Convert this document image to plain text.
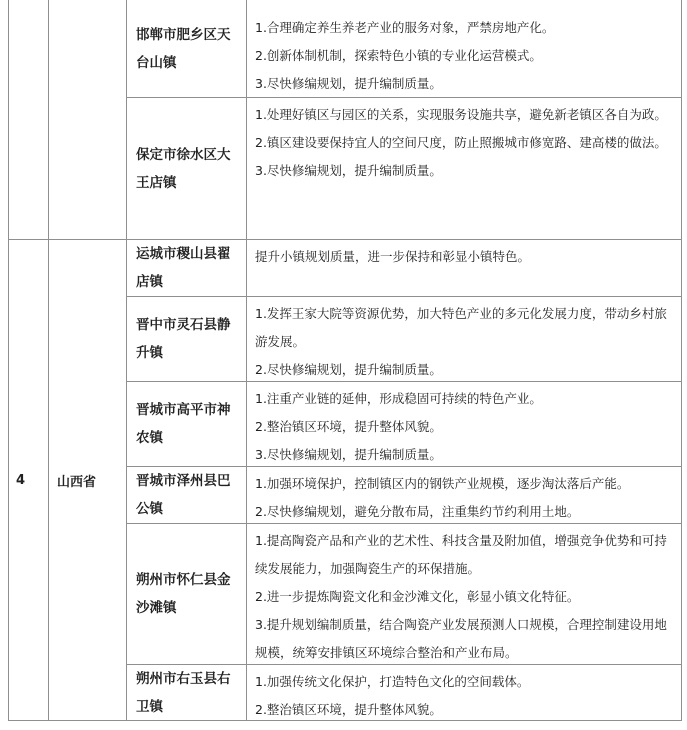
4	山西省
邯郸市肥乡区天台山镇

1.合理确定养生养老产业的服务对象，严禁房地产化。

2.创新体制机制，探索特色小镇的专业化运营模式。

3.尽快修编规划，提升编制质量。

保定市徐水区大王店镇

1.处理好镇区与园区的关系，实现服务设施共享，避免新老镇区各自为政。

2.镇区建设要保持宜人的空间尺度，防止照搬城市修宽路、建高楼的做法。

3.尽快修编规划，提升编制质量。

运城市稷山县翟店镇

提升小镇规划质量，进一步保持和彰显小镇特色。

晋中市灵石县静升镇

1.发挥王家大院等资源优势，加大特色产业的多元化发展力度，带动乡村旅游发展。

2.尽快修编规划，提升编制质量。

晋城市高平市神农镇

1.注重产业链的延伸，形成稳固可持续的特色产业。

2.整治镇区环境，提升整体风貌。

3.尽快修编规划，提升编制质量。

晋城市泽州县巴公镇

1.加强环境保护，控制镇区内的钢铁产业规模，逐步淘汰落后产能。

2.尽快修编规划，避免分散布局，注重集约节约利用土地。

朔州市怀仁县金沙滩镇

1.提高陶瓷产品和产业的艺术性、科技含量及附加值，增强竞争优势和可持续发展能力，加强陶瓷生产的环保措施。

2.进一步提炼陶瓷文化和金沙滩文化，彰显小镇文化特征。

3.提升规划编制质量，结合陶瓷产业发展预测人口规模，合理控制建设用地规模，统筹安排镇区环境综合整治和产业布局。

朔州市右玉县右卫镇

1.加强传统文化保护，打造特色文化的空间载体。

2.整治镇区环境，提升整体风貌。
